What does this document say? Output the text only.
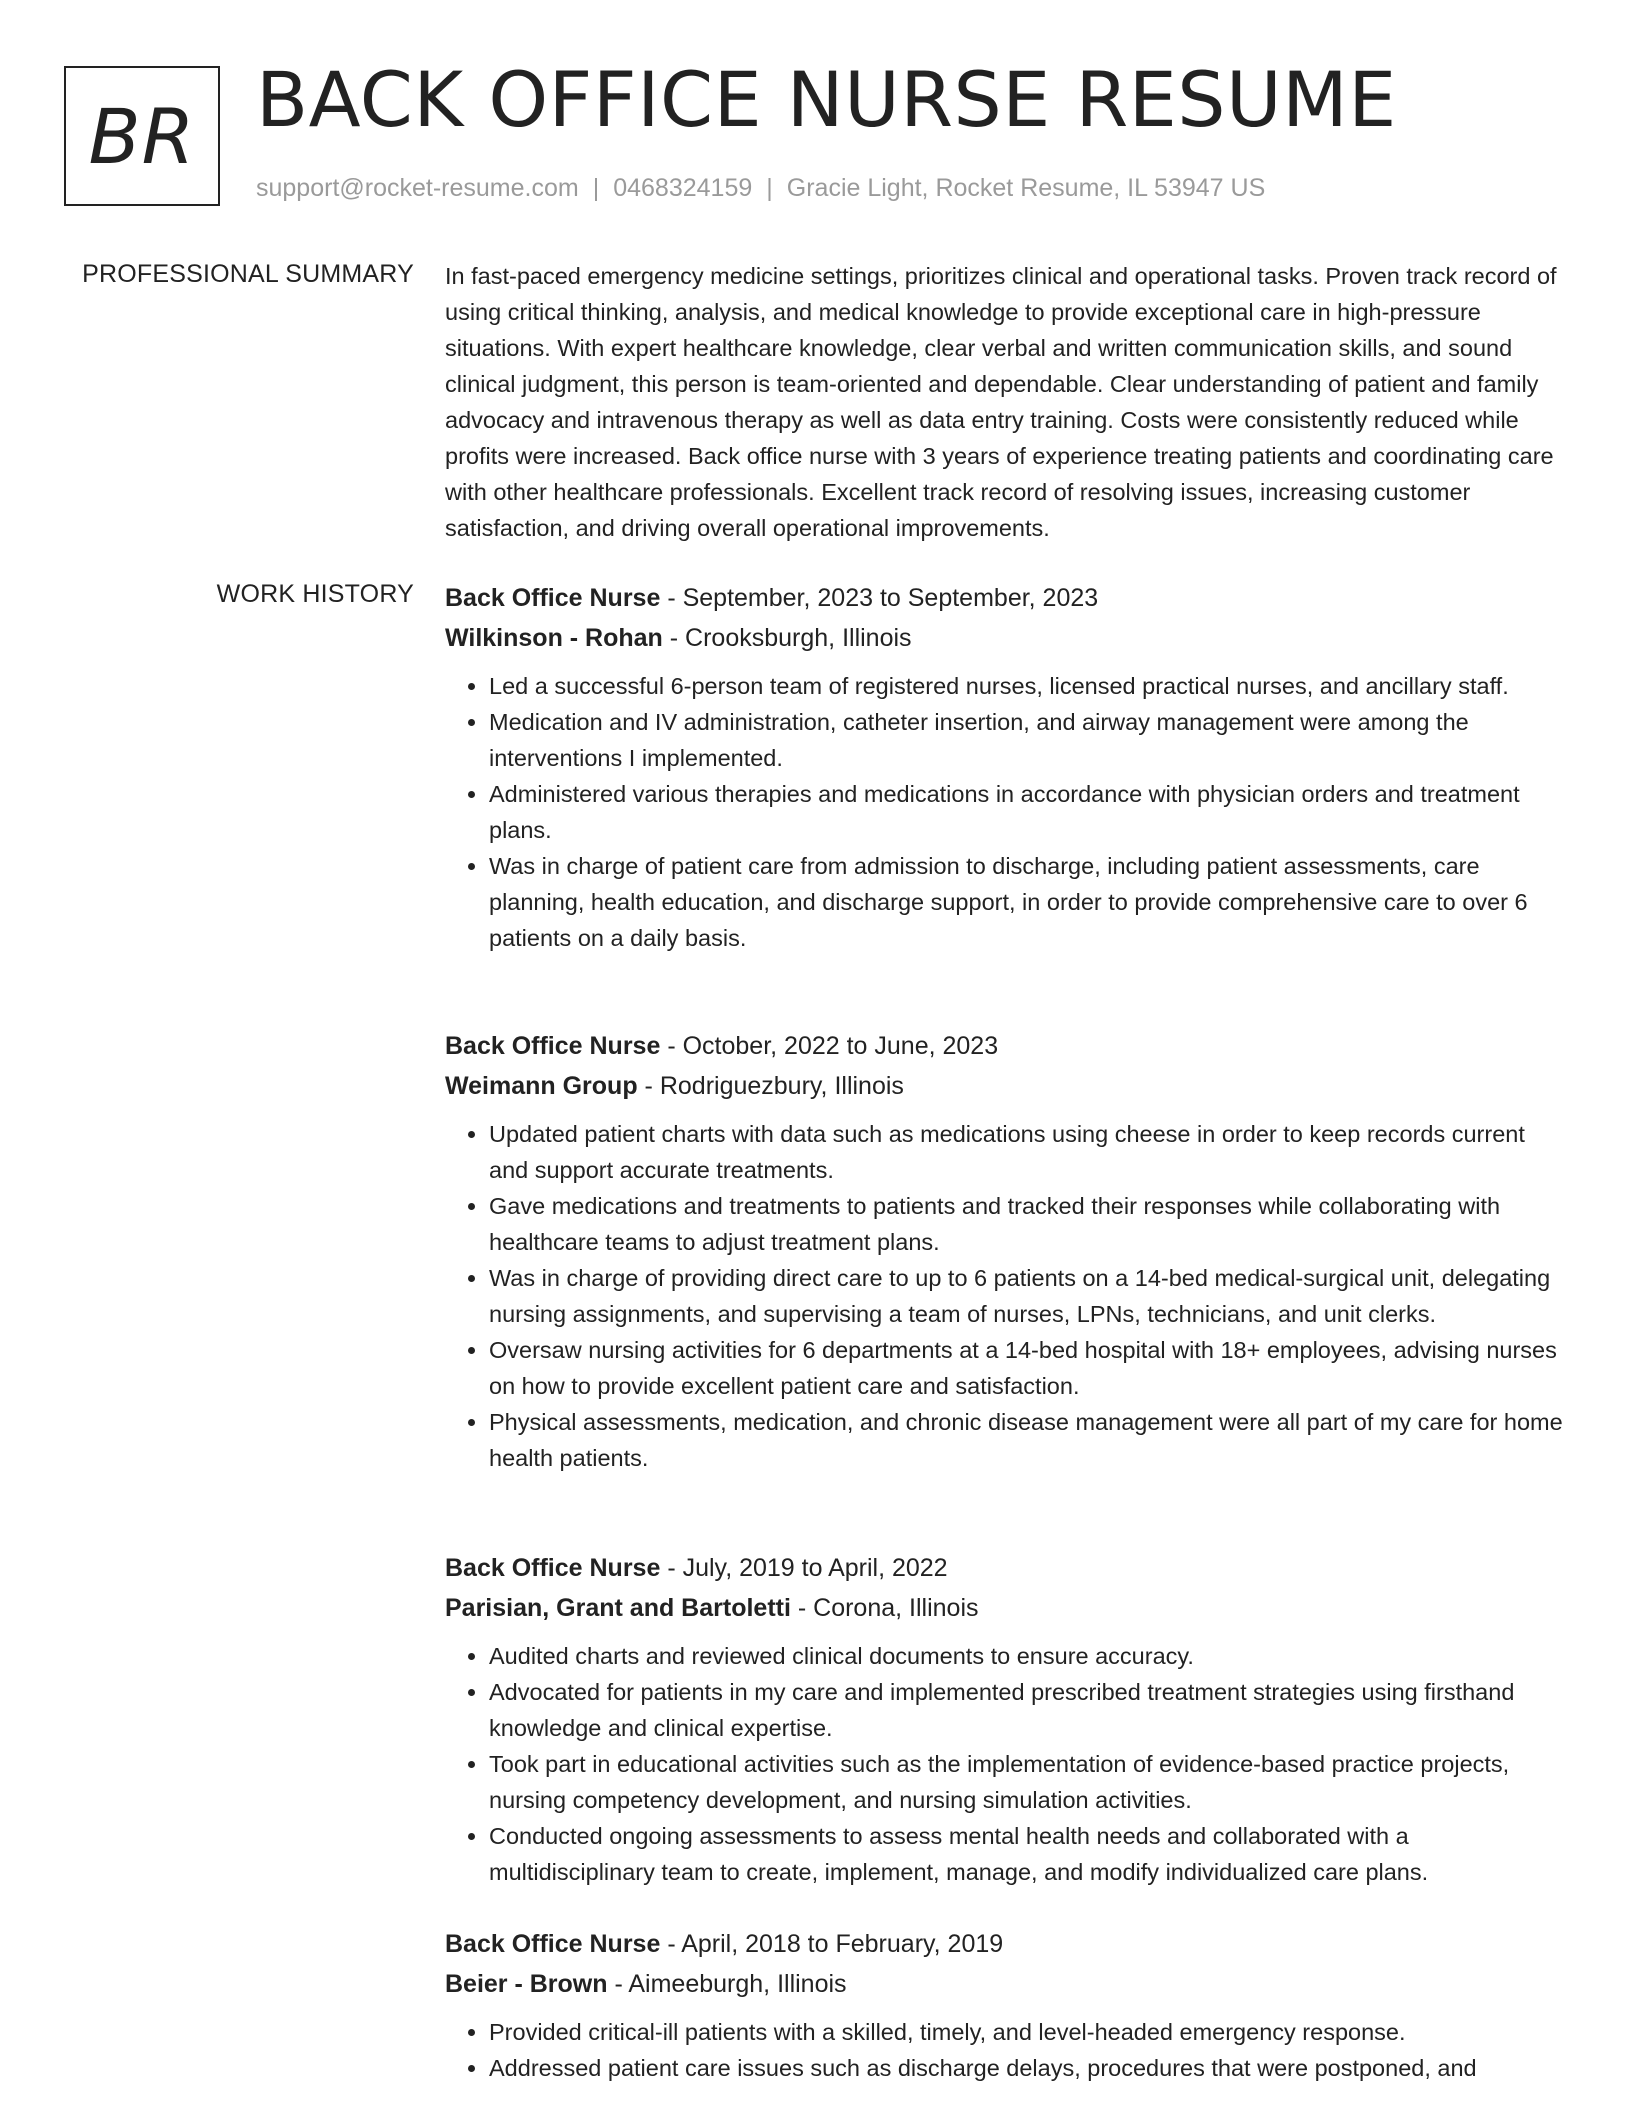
BR BACK OFFICE NURSE RESUME
support@rocket-resume.com | 0468324159 | Gracie Light, Rocket Resume, IL 53947 US
PROFESSIONAL SUMMARY In fast-paced emergency medicine settings, prioritizes clinical and operational tasks. Proven track record of using critical thinking, analysis, and medical knowledge to provide exceptional care in high-pressure situations. With expert healthcare knowledge, clear verbal and written communication skills, and sound clinical judgment, this person is team-oriented and dependable. Clear understanding of patient and family advocacy and intravenous therapy as well as data entry training. Costs were consistently reduced while profits were increased. Back office nurse with 3 years of experience treating patients and coordinating care with other healthcare professionals. Excellent track record of resolving issues, increasing customer satisfaction, and driving overall operational improvements.

WORK HISTORY Back Office Nurse - September, 2023 to September, 2023
Wilkinson - Rohan - Crooksburgh, Illinois
• Led a successful 6-person team of registered nurses, licensed practical nurses, and ancillary staff.
• Medication and IV administration, catheter insertion, and airway management were among the interventions I implemented.
• Administered various therapies and medications in accordance with physician orders and treatment plans.
• Was in charge of patient care from admission to discharge, including patient assessments, care planning, health education, and discharge support, in order to provide comprehensive care to over 6 patients on a daily basis.
Back Office Nurse - October, 2022 to June, 2023
Weimann Group - Rodriguezbury, Illinois
• Updated patient charts with data such as medications using cheese in order to keep records current and support accurate treatments.
• Gave medications and treatments to patients and tracked their responses while collaborating with healthcare teams to adjust treatment plans.
• Was in charge of providing direct care to up to 6 patients on a 14-bed medical-surgical unit, delegating nursing assignments, and supervising a team of nurses, LPNs, technicians, and unit clerks.
• Oversaw nursing activities for 6 departments at a 14-bed hospital with 18+ employees, advising nurses on how to provide excellent patient care and satisfaction.
• Physical assessments, medication, and chronic disease management were all part of my care for home health patients.
Back Office Nurse - July, 2019 to April, 2022
Parisian, Grant and Bartoletti - Corona, Illinois
• Audited charts and reviewed clinical documents to ensure accuracy.
• Advocated for patients in my care and implemented prescribed treatment strategies using firsthand knowledge and clinical expertise.
• Took part in educational activities such as the implementation of evidence-based practice projects, nursing competency development, and nursing simulation activities.
• Conducted ongoing assessments to assess mental health needs and collaborated with a multidisciplinary team to create, implement, manage, and modify individualized care plans.
Back Office Nurse - April, 2018 to February, 2019
Beier - Brown - Aimeeburgh, Illinois
• Provided critical-ill patients with a skilled, timely, and level-headed emergency response.
• Addressed patient care issues such as discharge delays, procedures that were postponed, and
